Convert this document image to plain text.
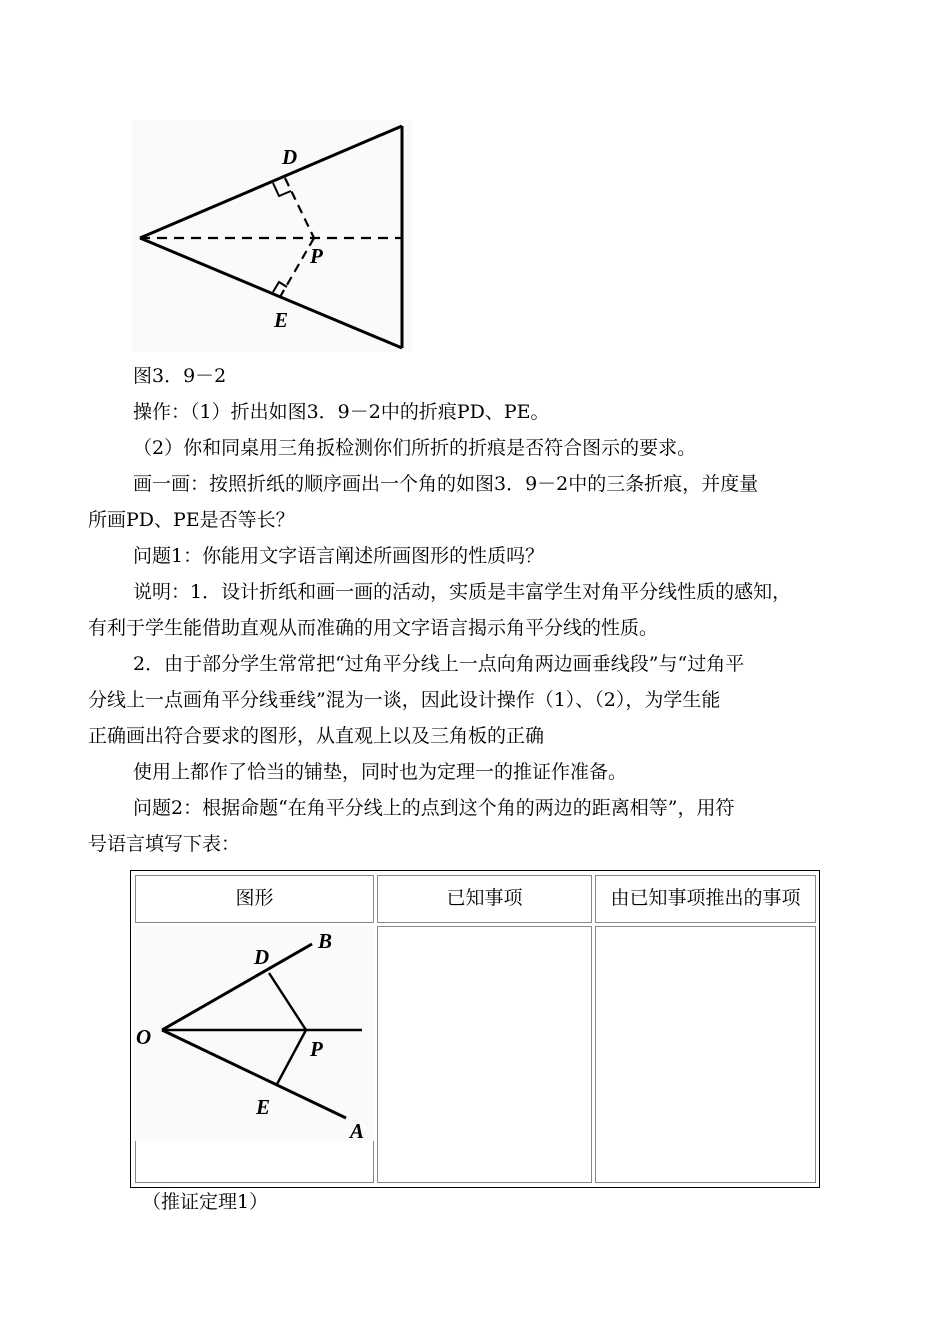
D
P
E
图3．9－2
操作：（1）折出如图3．9－2中的折痕PD、PE。
（2）你和同桌用三角扳检测你们所折的折痕是否符合图示的要求。
画一画：按照折纸的顺序画出一个角的如图3．9－2中的三条折痕，并度量
所画PD、PE是否等长？
问题1：你能用文字语言阐述所画图形的性质吗？
说明：1．设计折纸和画一画的活动，实质是丰富学生对角平分线性质的感知，
有利于学生能借助直观从而准确的用文字语言揭示角平分线的性质。
2．由于部分学生常常把“过角平分线上一点向角两边画垂线段”与“过角平
分线上一点画角平分线垂线”混为一谈，因此设计操作（1）、（2），为学生能
正确画出符合要求的图形，从直观上以及三角板的正确
使用上都作了恰当的铺垫，同时也为定理一的推证作准备。
问题2：根据命题“在角平分线上的点到这个角的两边的距离相等”，用符
号语言填写下表：
图形	已知事项	由已知事项推出的事项
O
B
D
P
E
A
（推证定理1）
